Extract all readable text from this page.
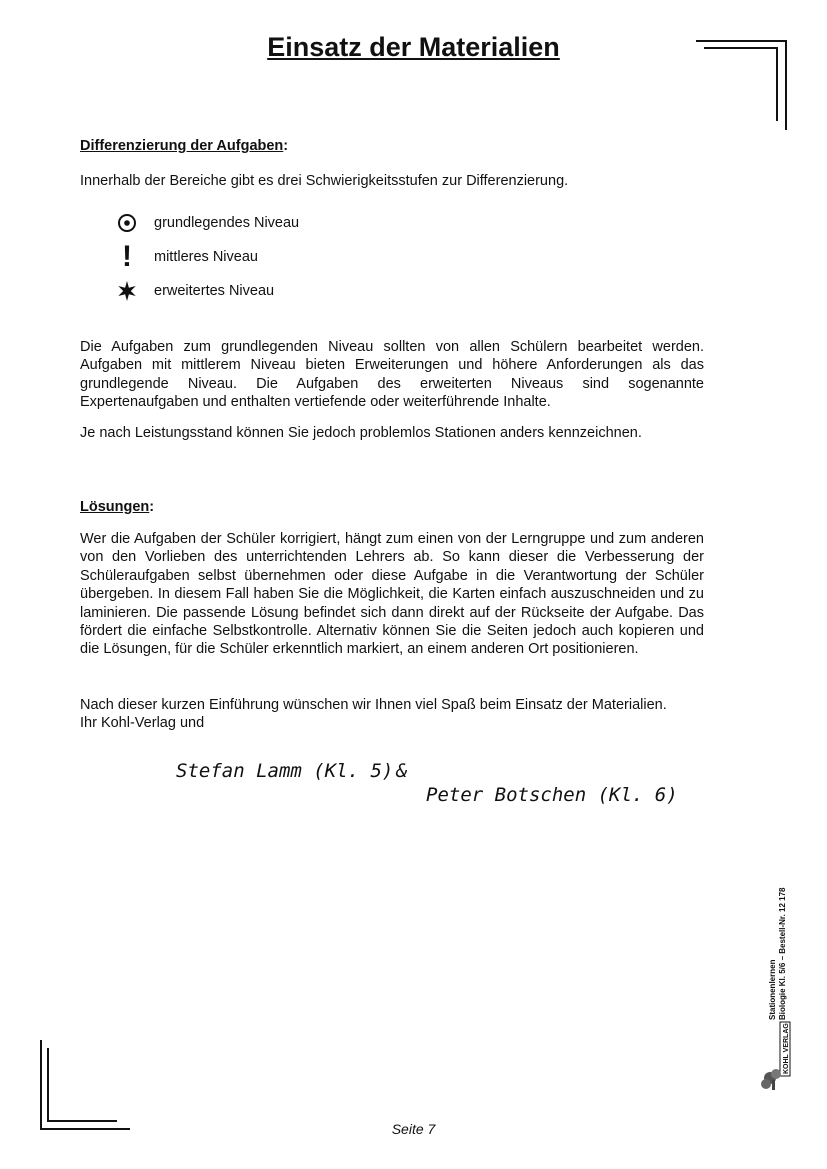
Einsatz der Materialien
Differenzierung der Aufgaben:

Innerhalb der Bereiche gibt es drei Schwierigkeitsstufen zur Differenzierung.

grundlegendes Niveau
! mittleres Niveau
erweitertes Niveau

Die Aufgaben zum grundlegenden Niveau sollten von allen Schülern bearbeitet werden. Aufgaben mit mittlerem Niveau bieten Erweiterungen und höhere Anforderungen als das grundlegende Niveau. Die Aufgaben des erweiterten Niveaus sind sogenannte Expertenaufgaben und enthalten vertiefende oder weiterführende Inhalte.

Je nach Leistungsstand können Sie jedoch problemlos Stationen anders kennzeichnen.

Lösungen:

Wer die Aufgaben der Schüler korrigiert, hängt zum einen von der Lerngruppe und zum anderen von den Vorlieben des unterrichtenden Lehrers ab. So kann dieser die Verbesserung der Schüleraufgaben selbst übernehmen oder diese Aufgabe in die Verantwortung der Schüler übergeben. In diesem Fall haben Sie die Möglichkeit, die Karten einfach auszuschneiden und zu laminieren. Die passende Lösung befindet sich dann direkt auf der Rückseite der Aufgabe. Das fördert die einfache Selbstkontrolle. Alternativ können Sie die Seiten jedoch auch kopieren und die Lösungen, für die Schüler erkenntlich markiert, an einem anderen Ort positionieren.

Nach dieser kurzen Einführung wünschen wir Ihnen viel Spaß beim Einsatz der Materialien.

Ihr Kohl-Verlag und

Stefan Lamm (Kl. 5) &
Peter Botschen (Kl. 6)
Stationenlernen Biologie Kl. 5/6 – Bestell-Nr. 12 178
KOHL VERLAG
Seite 7
